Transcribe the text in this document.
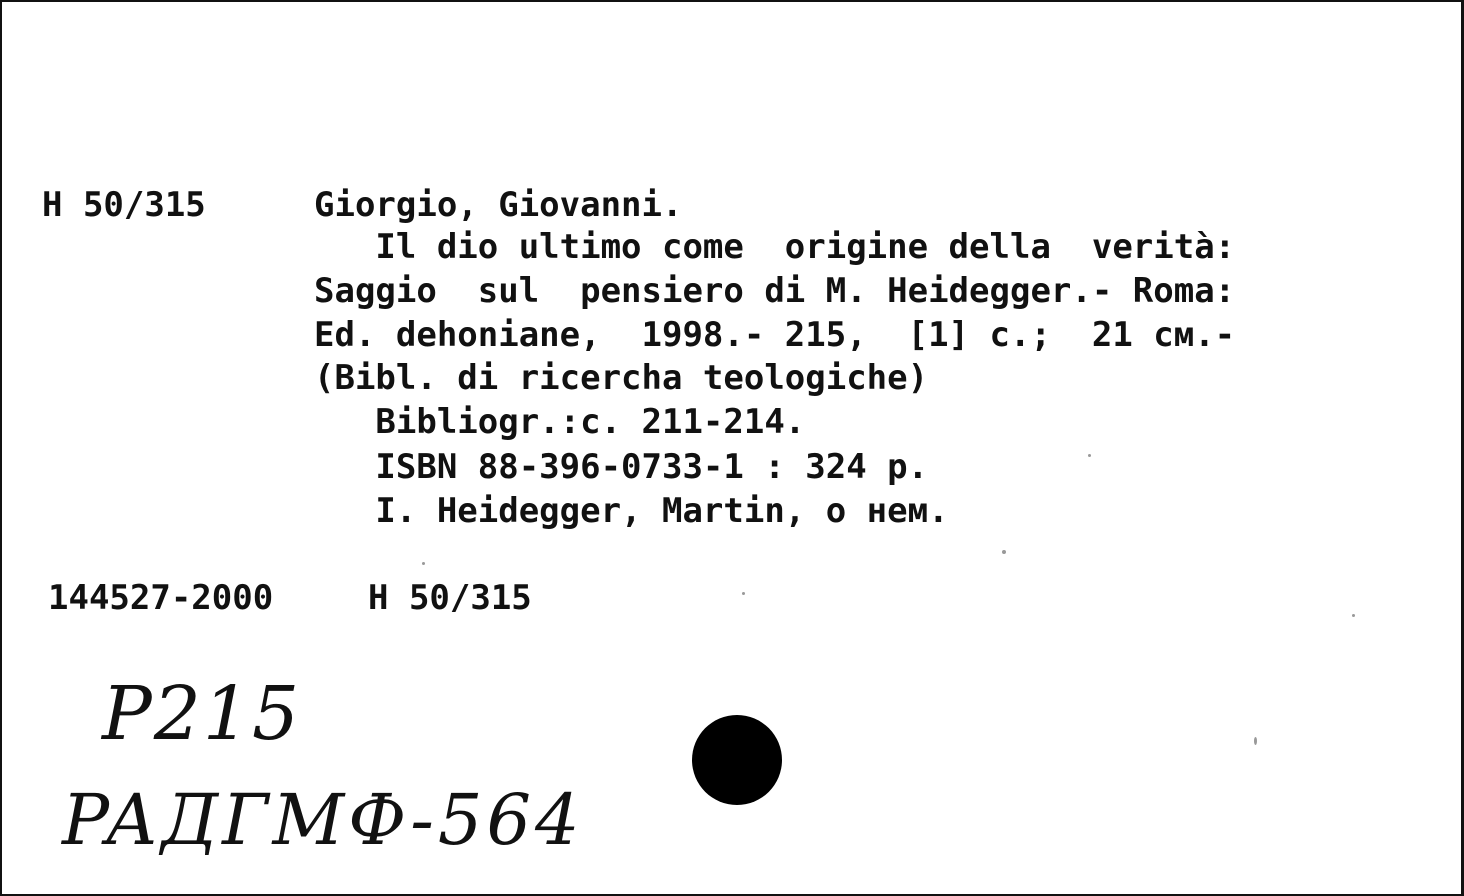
H 50/315	Giorgio, Giovanni.
Il dio ultimo come  origine della  verità:
Saggio  sul  pensiero di M. Heidegger.- Roma:
Ed. dehoniane,  1998.- 215,  [1] c.;  21 см.-
(Bibl. di ricercha teologiche)
Bibliogr.:c. 211-214.
ISBN 88-396-0733-1 : 324 p.
I. Heidegger, Martin, о нем.
144527-2000	H 50/315
P215
PAДГМФ-564
